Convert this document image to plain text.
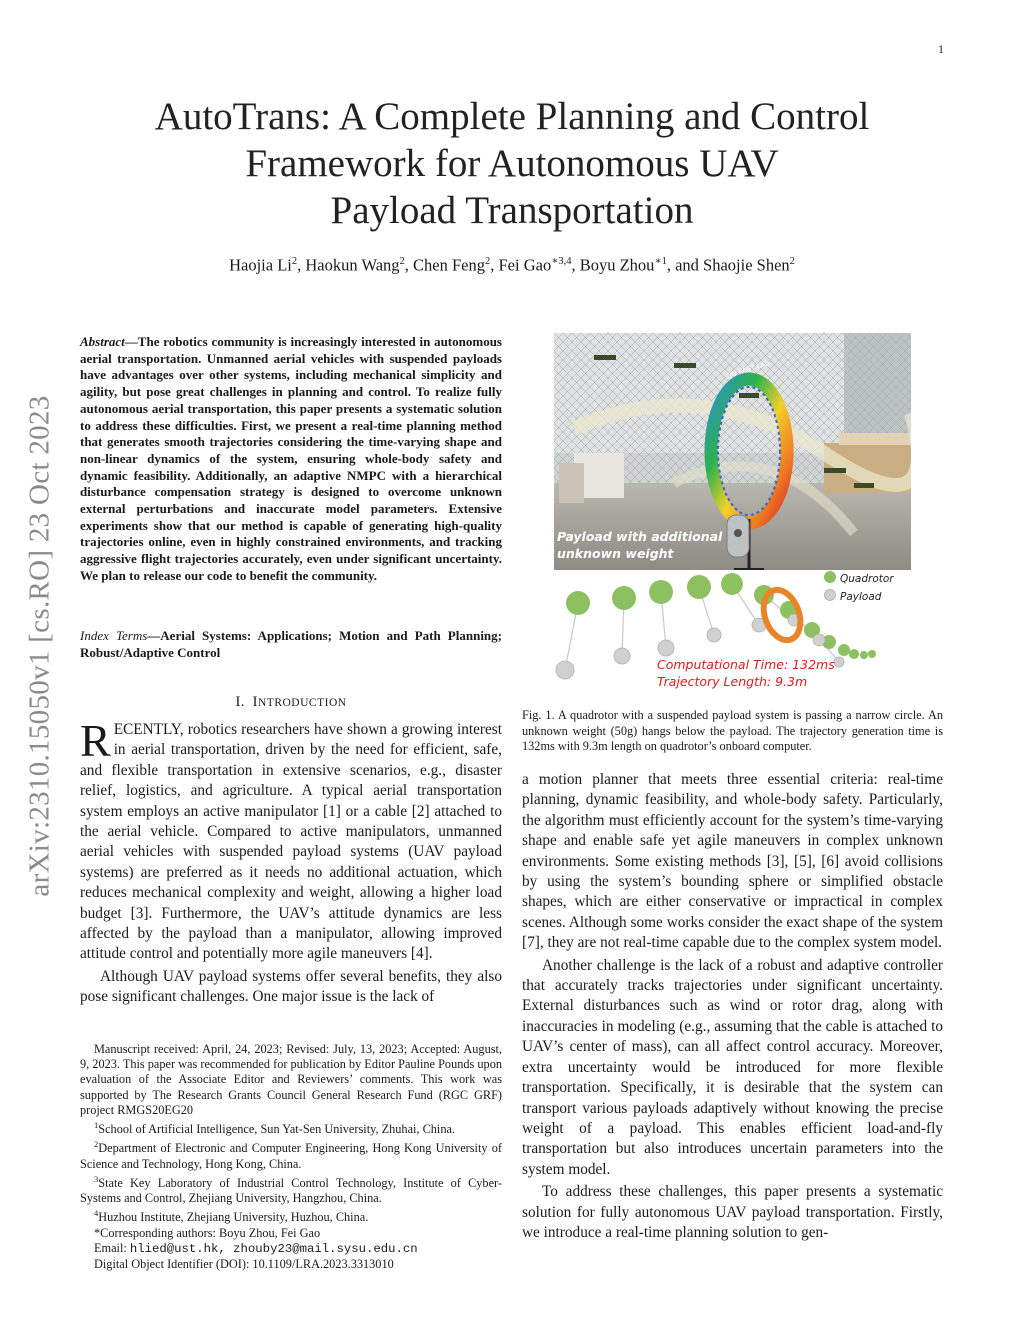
1
arXiv:2310.15050v1 [cs.RO] 23 Oct 2023
AutoTrans: A Complete Planning and Control
Framework for Autonomous UAV
Payload Transportation
Haojia Li$^2$, Haokun Wang$^2$, Chen Feng$^2$, Fei Gao$^{∗3,4}$, Boyu Zhou$^{∗1}$, and Shaojie Shen$^2$
Abstract—The robotics community is increasingly interested in autonomous aerial transportation. Unmanned aerial vehicles with suspended payloads have advantages over other systems, including mechanical simplicity and agility, but pose great challenges in planning and control. To realize fully autonomous aerial transportation, this paper presents a systematic solution to address these difficulties. First, we present a real-time planning method that generates smooth trajectories considering the time-varying shape and non-linear dynamics of the system, ensuring whole-body safety and dynamic feasibility. Additionally, an adaptive NMPC with a hierarchical disturbance compensation strategy is designed to overcome unknown external perturbations and inaccurate model parameters. Extensive experiments show that our method is capable of generating high-quality trajectories online, even in highly constrained environments, and tracking aggressive flight trajectories accurately, even under significant uncertainty. We plan to release our code to benefit the community.
Index Terms—Aerial Systems: Applications; Motion and Path Planning; Robust/Adaptive Control
I.  INTRODUCTION

RECENTLY, robotics researchers have shown a growing interest in aerial transportation, driven by the need for efficient, safe, and flexible transportation in extensive scenarios, e.g., disaster relief, logistics, and agriculture. A typical aerial transportation system employs an active manipulator [1] or a cable [2] attached to the aerial vehicle. Compared to active manipulators, unmanned aerial vehicles with suspended payload systems (UAV payload systems) are preferred as it needs no additional actuation, which reduces mechanical complexity and weight, allowing a higher load budget [3]. Furthermore, the UAV’s attitude dynamics are less affected by the payload than a manipulator, allowing improved attitude control and potentially more agile maneuvers [4].

Although UAV payload systems offer several benefits, they also pose significant challenges. One major issue is the lack of

Manuscript received: April, 24, 2023; Revised: July, 13, 2023; Accepted: August, 9, 2023. This paper was recommended for publication by Editor Pauline Pounds upon evaluation of the Associate Editor and Reviewers’ comments. This work was supported by The Research Grants Council General Research Fund (RGC GRF) project RMGS20EG20

$^1$School of Artificial Intelligence, Sun Yat-Sen University, Zhuhai, China.

$^2$Department of Electronic and Computer Engineering, Hong Kong University of Science and Technology, Hong Kong, China.

$^3$State Key Laboratory of Industrial Control Technology, Institute of Cyber-Systems and Control, Zhejiang University, Hangzhou, China.

$^4$Huzhou Institute, Zhejiang University, Huzhou, China.

*Corresponding authors: Boyu Zhou, Fei Gao

Email: hlied@ust.hk, zhouby23@mail.sysu.edu.cn

Digital Object Identifier (DOI): 10.1109/LRA.2023.3313010

ZJU FAST Lab
Payload with additional
unknown weight
Quadrotor
Payload
Computational Time: 132ms
Trajectory Length: 9.3m
Fig. 1. A quadrotor with a suspended payload system is passing a narrow circle. An unknown weight (50g) hangs below the payload. The trajectory generation time is 132ms with 9.3m length on quadrotor’s onboard computer.

a motion planner that meets three essential criteria: real-time planning, dynamic feasibility, and whole-body safety. Particularly, the algorithm must efficiently account for the system’s time-varying shape and enable safe yet agile maneuvers in complex unknown environments. Some existing methods [3], [5], [6] avoid collisions by using the system’s bounding sphere or simplified obstacle shapes, which are either conservative or impractical in complex scenes. Although some works consider the exact shape of the system [7], they are not real-time capable due to the complex system model.

Another challenge is the lack of a robust and adaptive controller that accurately tracks trajectories under significant uncertainty. External disturbances such as wind or rotor drag, along with inaccuracies in modeling (e.g., assuming that the cable is attached to UAV’s center of mass), can all affect control accuracy. Moreover, extra uncertainty would be introduced for more flexible transportation. Specifically, it is desirable that the system can transport various payloads adaptively without knowing the precise weight of a payload. This enables efficient load-and-fly transportation but also introduces uncertain parameters into the system model.

To address these challenges, this paper presents a systematic solution for fully autonomous UAV payload transportation. Firstly, we introduce a real-time planning solution to gen-
